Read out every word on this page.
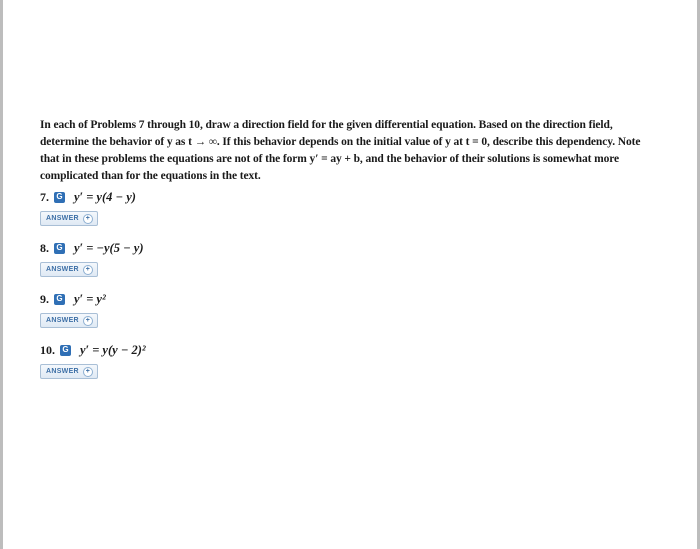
In each of Problems 7 through 10, draw a direction field for the given differential equation. Based on the direction field,
determine the behavior of y as t → ∞. If this behavior depends on the initial value of y at t = 0, describe this dependency. Note
that in these problems the equations are not of the form y′ = ay + b, and the behavior of their solutions is somewhat more
complicated than for the equations in the text.
7. G y′ = y(4 − y)
ANSWER +
8. G y′ = −y(5 − y)
ANSWER +
9. G y′ = y²
ANSWER +
10. G y′ = y(y − 2)²
ANSWER +
